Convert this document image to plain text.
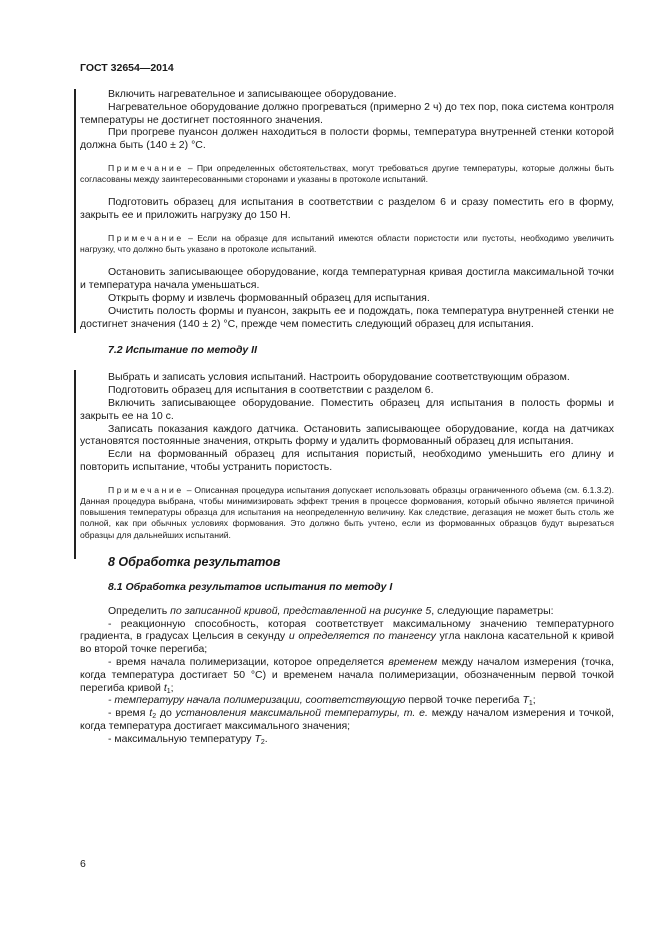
ГОСТ 32654—2014

Включить нагревательное и записывающее оборудование.

Нагревательное оборудование должно прогреваться (примерно 2 ч) до тех пор, пока система контроля температуры не достигнет постоянного значения.

При прогреве пуансон должен находиться в полости формы, температура внутренней стенки которой должна быть (140 ± 2) °С.

Примечание – При определенных обстоятельствах, могут требоваться другие температуры, которые должны быть согласованы между заинтересованными сторонами и указаны в протоколе испытаний.

Подготовить образец для испытания в соответствии с разделом 6 и сразу поместить его в форму, закрыть ее и приложить нагрузку до 150 Н.

Примечание – Если на образце для испытаний имеются области пористости или пустоты, необходимо увеличить нагрузку, что должно быть указано в протоколе испытаний.

Остановить записывающее оборудование, когда температурная кривая достигла максимальной точки и температура начала уменьшаться.

Открыть форму и извлечь формованный образец для испытания.

Очистить полость формы и пуансон, закрыть ее и подождать, пока температура внутренней стенки не достигнет значения (140 ± 2) °С, прежде чем поместить следующий образец для испытания.

7.2 Испытание по методу II

Выбрать и записать условия испытаний. Настроить оборудование соответствующим образом.

Подготовить образец для испытания в соответствии с разделом 6.

Включить записывающее оборудование. Поместить образец для испытания в полость формы и закрыть ее на 10 с.

Записать показания каждого датчика. Остановить записывающее оборудование, когда на датчиках установятся постоянные значения, открыть форму и удалить формованный образец для испытания.

Если на формованный образец для испытания пористый, необходимо уменьшить его длину и повторить испытание, чтобы устранить пористость.

Примечание – Описанная процедура испытания допускает использовать образцы ограниченного объема (см. 6.1.3.2). Данная процедура выбрана, чтобы минимизировать эффект трения в процессе формования, который обычно является причиной повышения температуры образца для испытания на неопределенную величину. Как следствие, дегазация не может быть столь же полной, как при обычных условиях формования. Это должно быть учтено, если из формованных образцов будут вырезаться образцы для дальнейших испытаний.

8 Обработка результатов
8.1 Обработка результатов испытания по методу I

Определить по записанной кривой, представленной на рисунке 5, следующие параметры:

- реакционную способность, которая соответствует максимальному значению температурного градиента, в градусах Цельсия в секунду и определяется по тангенсу угла наклона касательной к кривой во второй точке перегиба;

- время начала полимеризации, которое определяется временем между началом измерения (точка, когда температура достигает 50 °С) и временем начала полимеризации, обозначенным первой точкой перегиба кривой $t_1$;

- температуру начала полимеризации, соответствующую первой точке перегиба $T_1$;

- время $t_2$ до установления максимальной температуры, т. е. между началом измерения и точкой, когда температура достигает максимального значения;

- максимальную температуру $T_2$.

6
